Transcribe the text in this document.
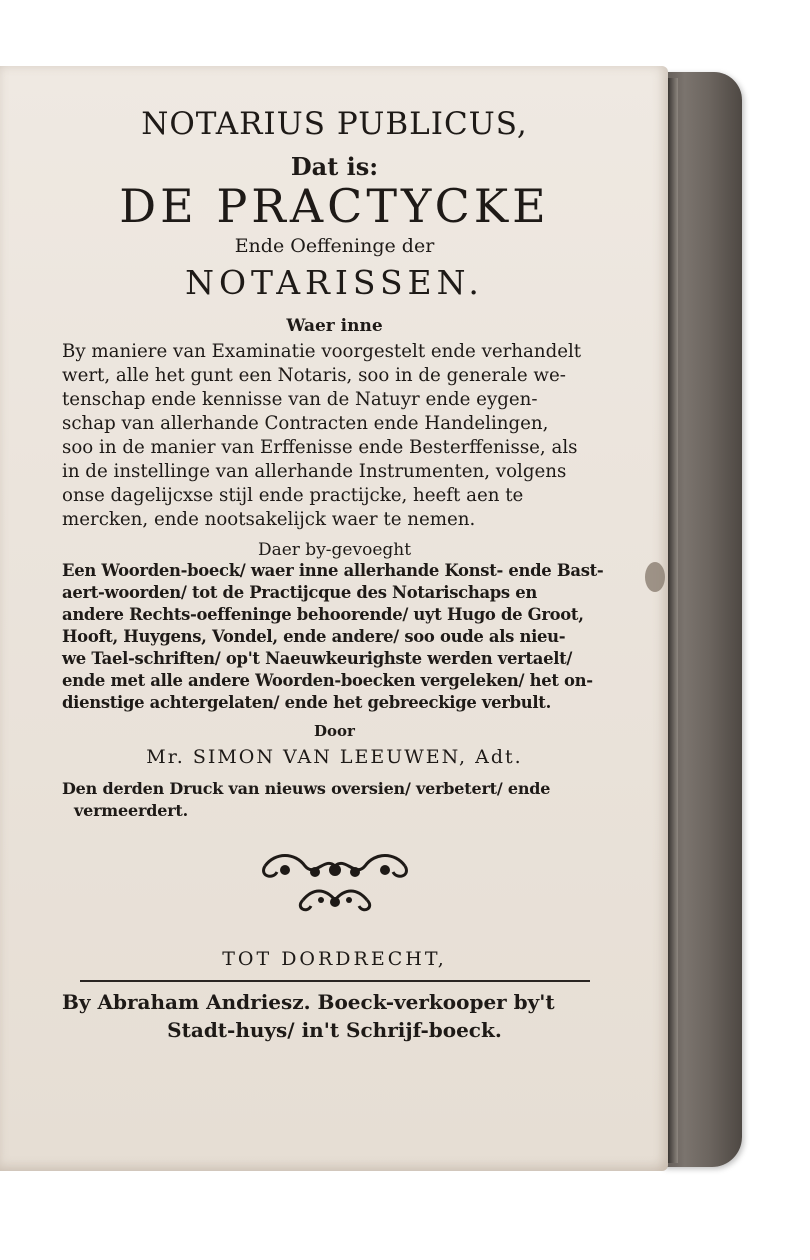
NOTARIUS PUBLICUS,
Dat is:
DE PRACTYCKE
Ende Oeffeninge der
NOTARISSEN.
Waer inne
By maniere van Examinatie voorgestelt ende verhandelt
wert, alle het gunt een Notaris, soo in de generale we-
tenschap ende kennisse van de Natuyr ende eygen-
schap van allerhande Contracten ende Handelingen,
soo in de manier van Erffenisse ende Besterffenisse, als
in de instellinge van allerhande Instrumenten, volgens
onse dagelijcxse stijl ende practijcke, heeft aen te
mercken, ende nootsakelijck waer te nemen.
Daer by-gevoeght
Een Woorden-boeck/ waer inne allerhande Konst- ende Bast-
aert-woorden/ tot de Practijcque des Notarischaps en
andere Rechts-oeffeninge behoorende/ uyt Hugo de Groot,
Hooft, Huygens, Vondel, ende andere/ soo oude als nieu-
we Tael-schriften/ op't Naeuwkeurighste werden vertaelt/
ende met alle andere Woorden-boecken vergeleken/ het on-
dienstige achtergelaten/ ende het gebreeckige verbult.
Door
Mr. SIMON VAN LEEUWEN, Adt.
Den derden Druck van nieuws oversien/ verbetert/ ende
vermeerdert.
TOT DORDRECHT,
By Abraham Andriesz. Boeck-verkooper by't
Stadt-huys/ in't Schrijf-boeck.
